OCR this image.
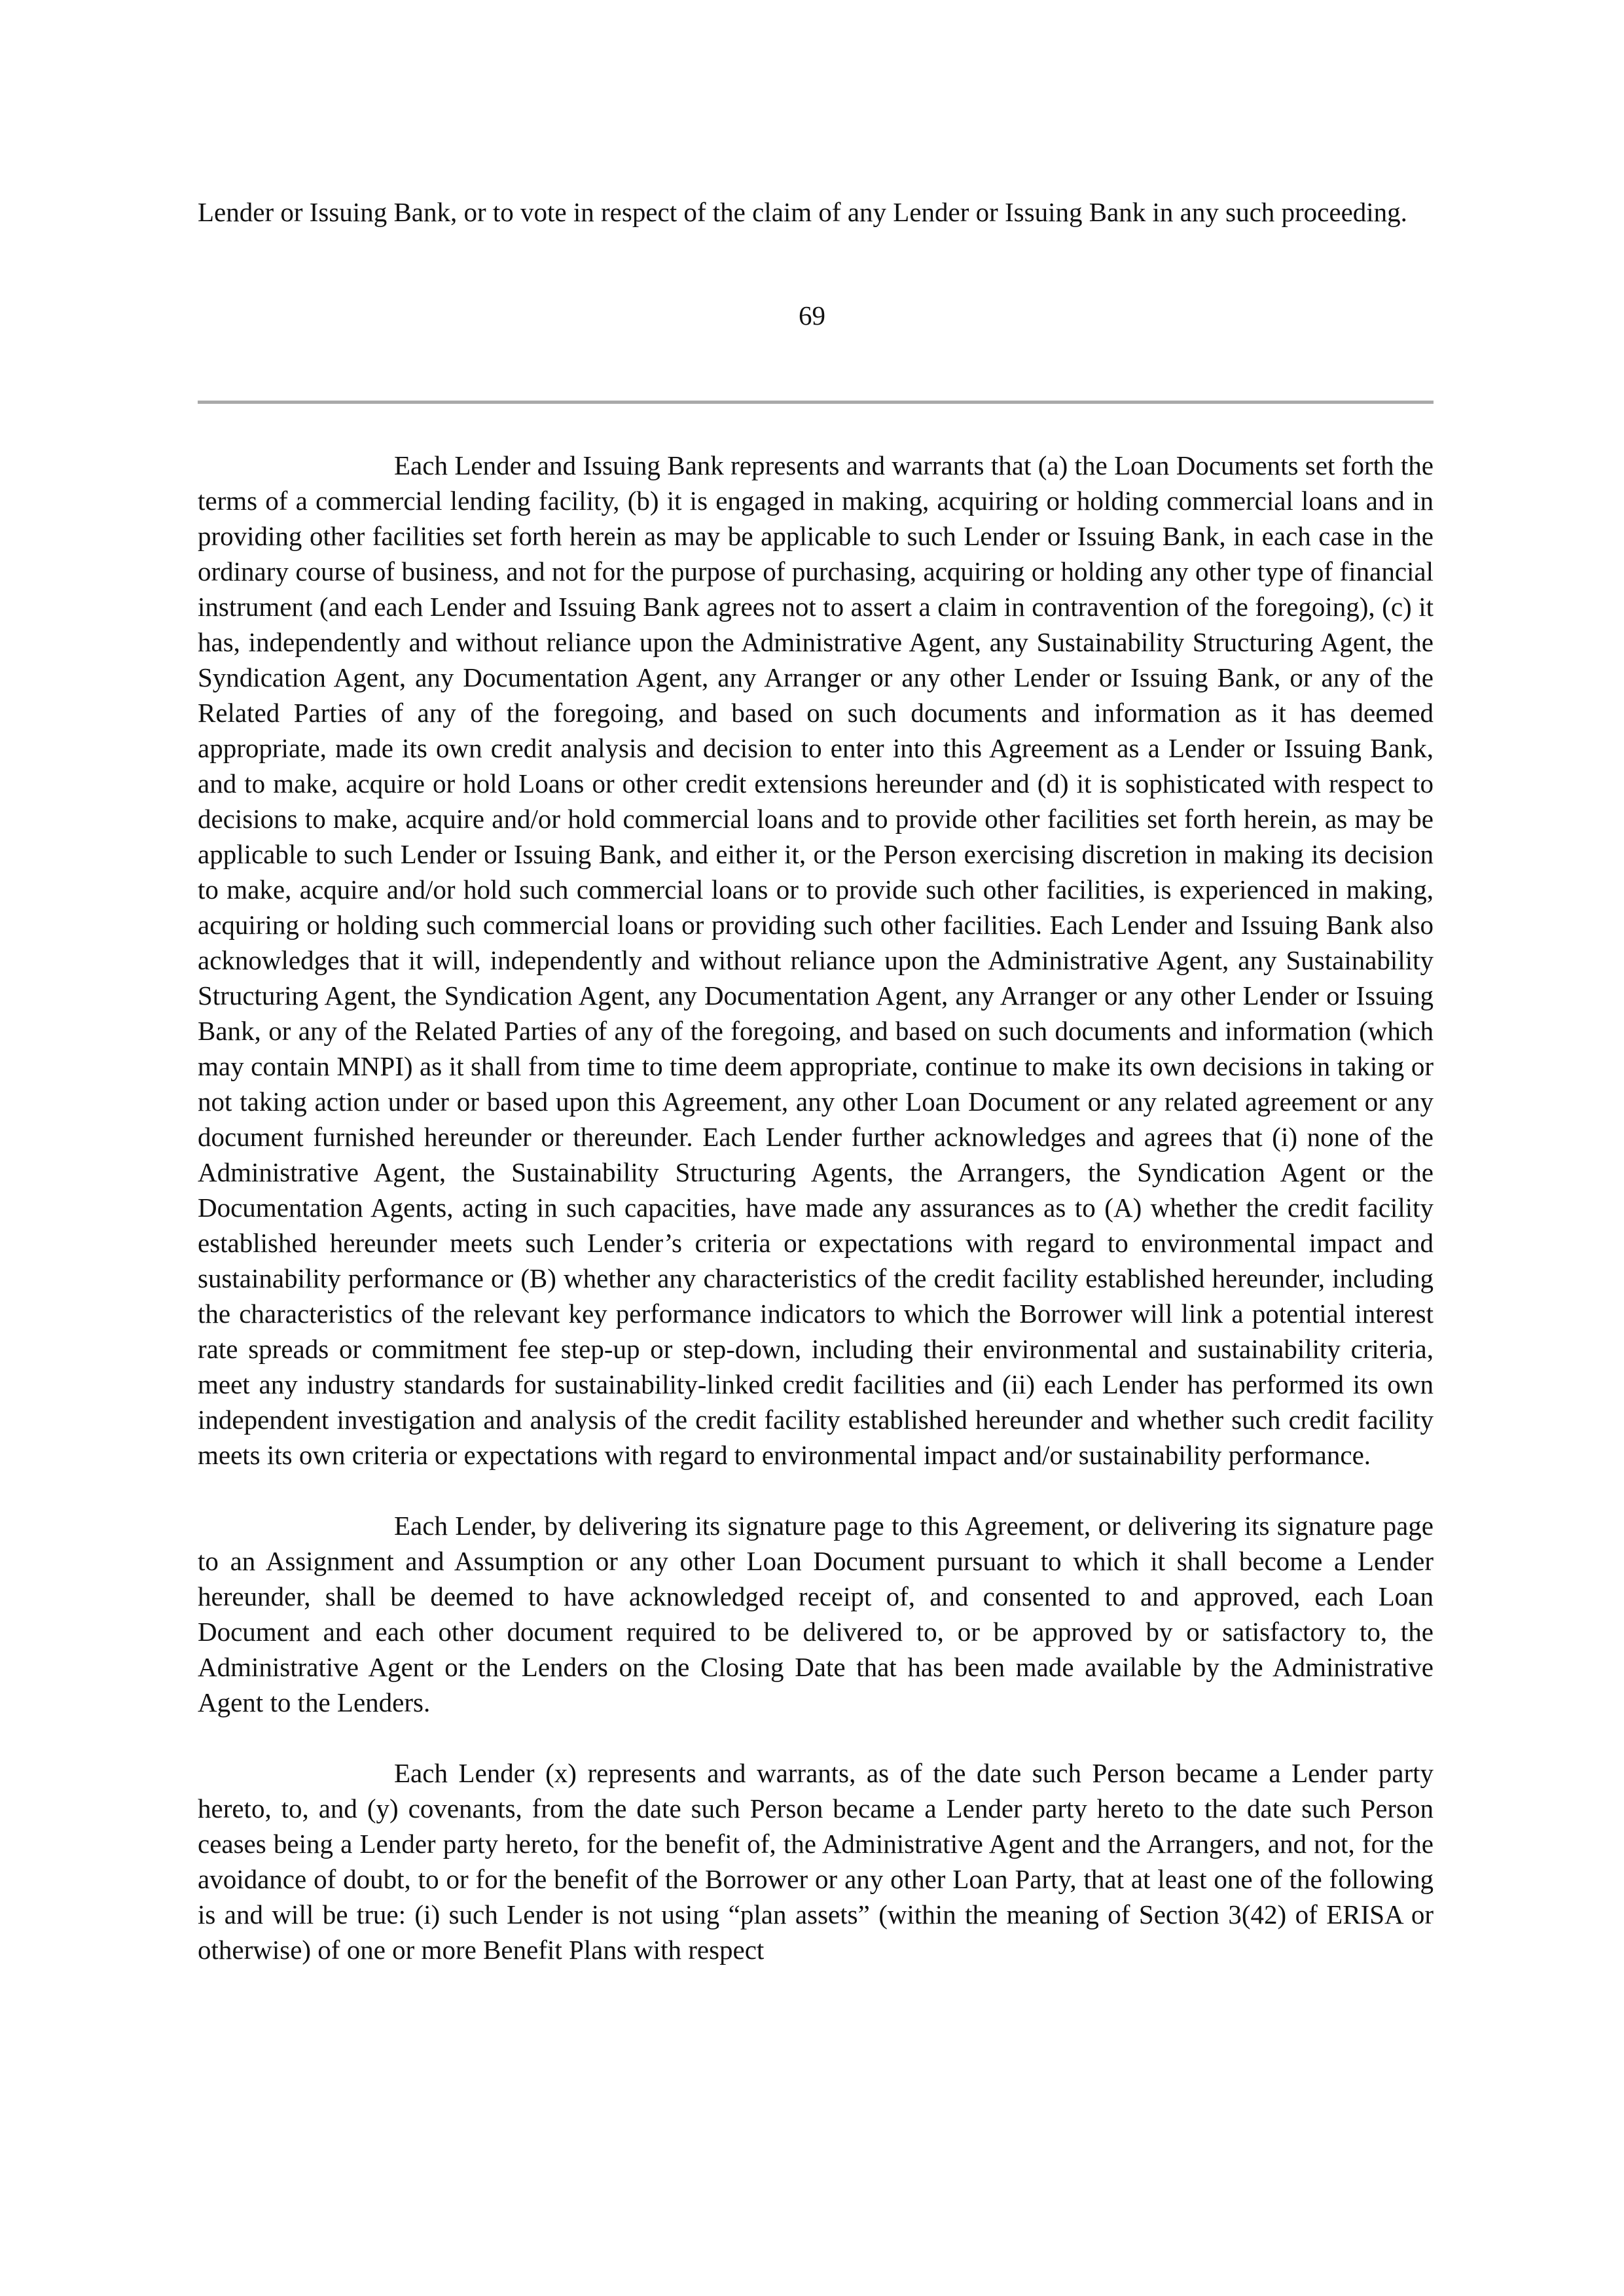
Lender or Issuing Bank, or to vote in respect of the claim of any Lender or Issuing Bank in any such proceeding.

69

Each Lender and Issuing Bank represents and warrants that (a) the Loan Documents set forth the terms of a commercial lending facility, (b) it is engaged in making, acquiring or holding commercial loans and in providing other facilities set forth herein as may be applicable to such Lender or Issuing Bank, in each case in the ordinary course of business, and not for the purpose of purchasing, acquiring or holding any other type of financial instrument (and each Lender and Issuing Bank agrees not to assert a claim in contravention of the foregoing), (c) it has, independently and without reliance upon the Administrative Agent, any Sustainability Structuring Agent, the Syndication Agent, any Documentation Agent, any Arranger or any other Lender or Issuing Bank, or any of the Related Parties of any of the foregoing, and based on such documents and information as it has deemed appropriate, made its own credit analysis and decision to enter into this Agreement as a Lender or Issuing Bank, and to make, acquire or hold Loans or other credit extensions hereunder and (d) it is sophisticated with respect to decisions to make, acquire and/or hold commercial loans and to provide other facilities set forth herein, as may be applicable to such Lender or Issuing Bank, and either it, or the Person exercising discretion in making its decision to make, acquire and/or hold such commercial loans or to provide such other facilities, is experienced in making, acquiring or holding such commercial loans or providing such other facilities. Each Lender and Issuing Bank also acknowledges that it will, independently and without reliance upon the Administrative Agent, any Sustainability Structuring Agent, the Syndication Agent, any Documentation Agent, any Arranger or any other Lender or Issuing Bank, or any of the Related Parties of any of the foregoing, and based on such documents and information (which may contain MNPI) as it shall from time to time deem appropriate, continue to make its own decisions in taking or not taking action under or based upon this Agreement, any other Loan Document or any related agreement or any document furnished hereunder or thereunder. Each Lender further acknowledges and agrees that (i) none of the Administrative Agent, the Sustainability Structuring Agents, the Arrangers, the Syndication Agent or the Documentation Agents, acting in such capacities, have made any assurances as to (A) whether the credit facility established hereunder meets such Lender’s criteria or expectations with regard to environmental impact and sustainability performance or (B) whether any characteristics of the credit facility established hereunder, including the characteristics of the relevant key performance indicators to which the Borrower will link a potential interest rate spreads or commitment fee step-up or step-down, including their environmental and sustainability criteria, meet any industry standards for sustainability-linked credit facilities and (ii) each Lender has performed its own independent investigation and analysis of the credit facility established hereunder and whether such credit facility meets its own criteria or expectations with regard to environmental impact and/or sustainability performance.

Each Lender, by delivering its signature page to this Agreement, or delivering its signature page to an Assignment and Assumption or any other Loan Document pursuant to which it shall become a Lender hereunder, shall be deemed to have acknowledged receipt of, and consented to and approved, each Loan Document and each other document required to be delivered to, or be approved by or satisfactory to, the Administrative Agent or the Lenders on the Closing Date that has been made available by the Administrative Agent to the Lenders.

Each Lender (x) represents and warrants, as of the date such Person became a Lender party hereto, to, and (y) covenants, from the date such Person became a Lender party hereto to the date such Person ceases being a Lender party hereto, for the benefit of, the Administrative Agent and the Arrangers, and not, for the avoidance of doubt, to or for the benefit of the Borrower or any other Loan Party, that at least one of the following is and will be true: (i) such Lender is not using “plan assets” (within the meaning of Section 3(42) of ERISA or otherwise) of one or more Benefit Plans with respect
